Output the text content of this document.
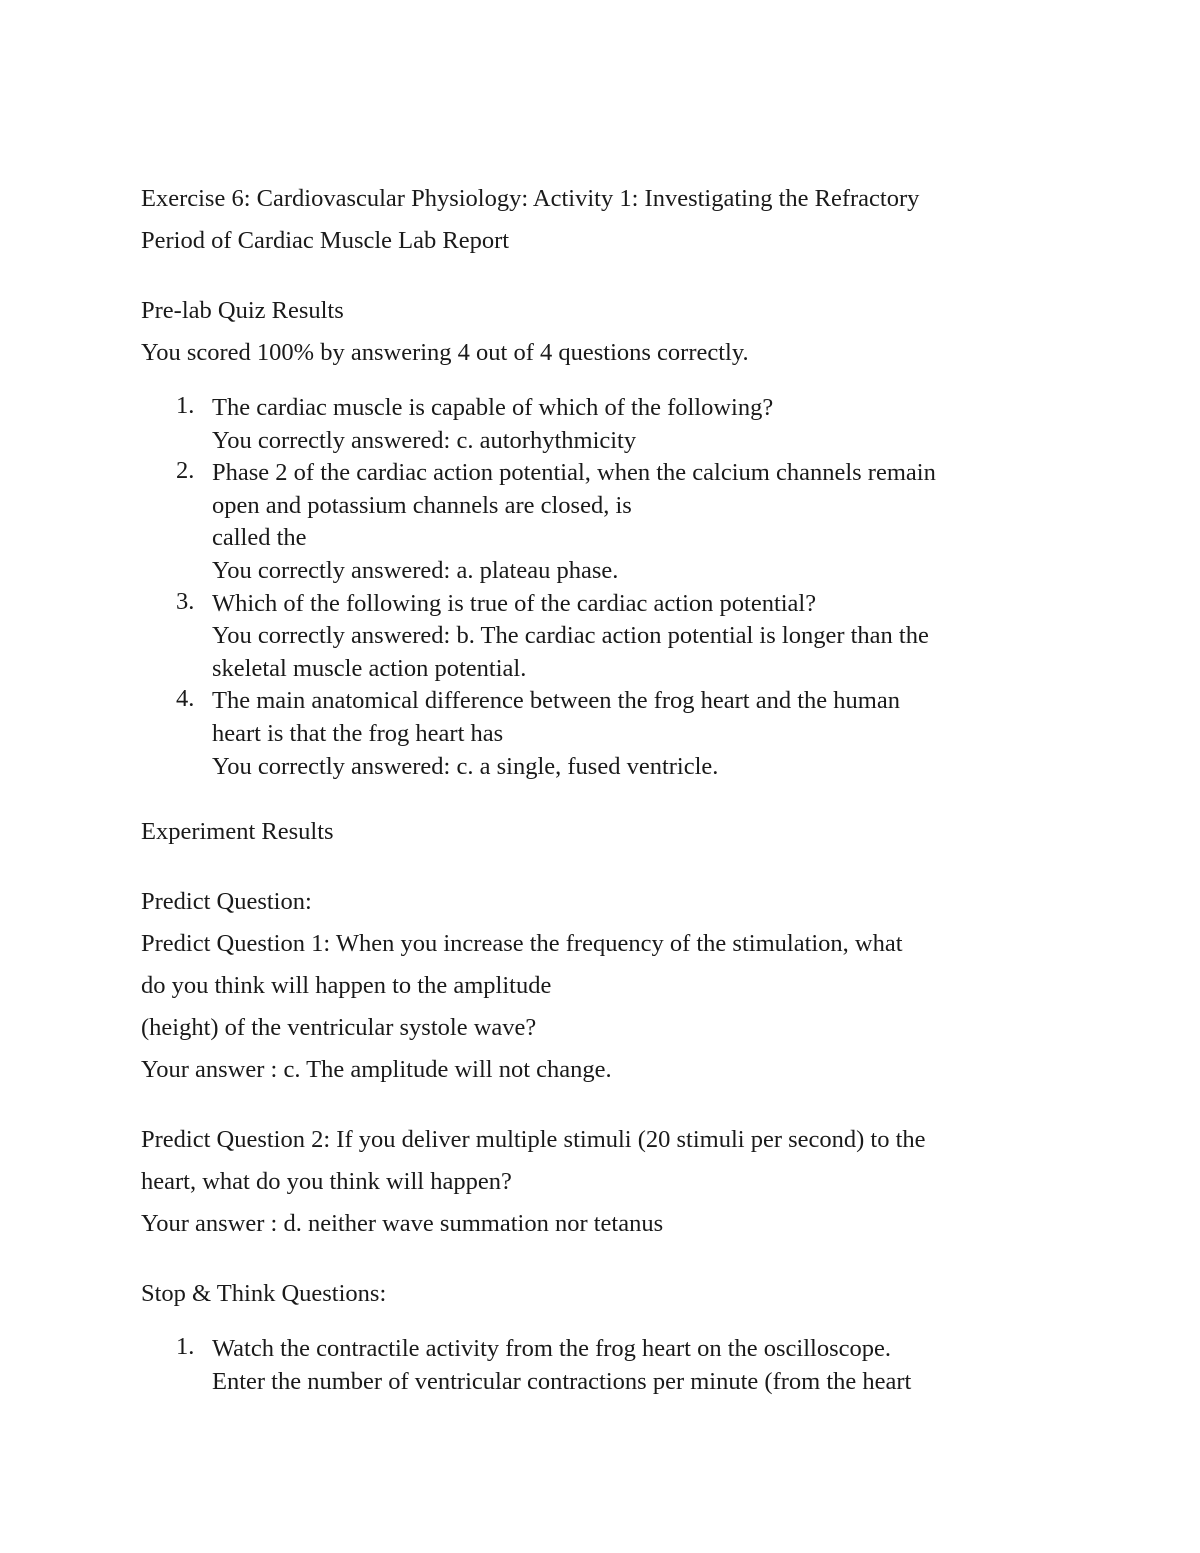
Exercise 6: Cardiovascular Physiology: Activity 1: Investigating the Refractory
Period of Cardiac Muscle Lab Report
Pre-lab Quiz Results
You scored 100% by answering 4 out of 4 questions correctly.
1. The cardiac muscle is capable of which of the following?
You correctly answered: c. autorhythmicity
2. Phase 2 of the cardiac action potential, when the calcium channels remain
open and potassium channels are closed, is
called the
You correctly answered: a. plateau phase.
3. Which of the following is true of the cardiac action potential?
You correctly answered: b. The cardiac action potential is longer than the
skeletal muscle action potential.
4. The main anatomical difference between the frog heart and the human
heart is that the frog heart has
You correctly answered: c. a single, fused ventricle.
Experiment Results
Predict Question:
Predict Question 1: When you increase the frequency of the stimulation, what
do you think will happen to the amplitude
(height) of the ventricular systole wave?
Your answer : c. The amplitude will not change.
Predict Question 2: If you deliver multiple stimuli (20 stimuli per second) to the
heart, what do you think will happen?
Your answer : d. neither wave summation nor tetanus
Stop & Think Questions:
1. Watch the contractile activity from the frog heart on the oscilloscope.
Enter the number of ventricular contractions per minute (from the heart
